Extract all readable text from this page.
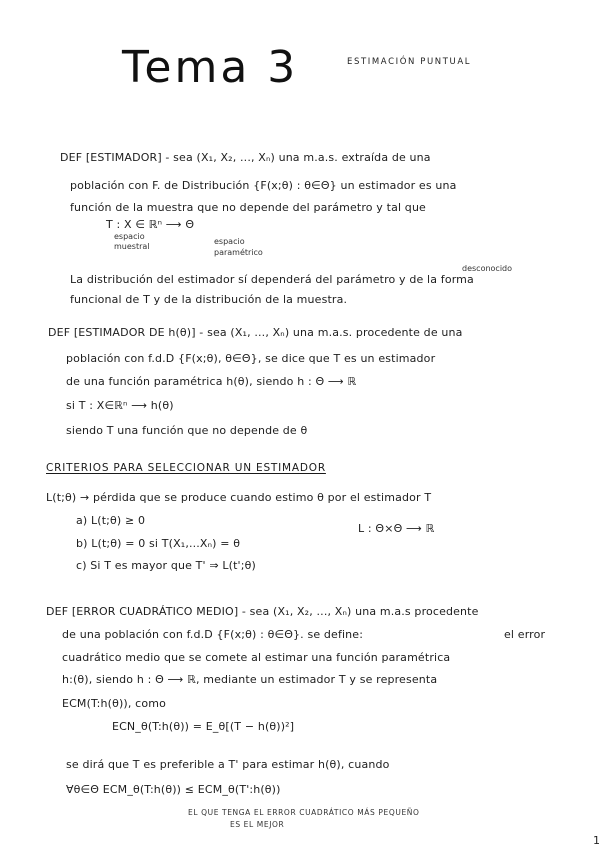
Tema 3	ESTIMACIÓN PUNTUAL
DEF [ESTIMADOR] - sea (X₁, X₂, ..., Xₙ) una m.a.s. extraída de una
población con F. de Distribución {F(x;θ) : θ∈Θ} un estimador es una
función de la muestra que no depende del parámetro y tal que
T : X ∈ ℝⁿ ⟶ Θ
espacio
muestral
espacio
paramétrico
desconocido
La distribución del estimador sí dependerá del parámetro y de la forma
funcional de T y de la distribución de la muestra.
DEF [ESTIMADOR DE h(θ)] - sea (X₁, ..., Xₙ) una m.a.s. procedente de una
población con f.d.D {F(x;θ), θ∈Θ}, se dice que T es un estimador
de una función paramétrica h(θ), siendo h : Θ ⟶ ℝ
si T : X∈ℝⁿ ⟶ h(θ)
siendo T una función que no depende de θ
CRITERIOS PARA SELECCIONAR UN ESTIMADOR
L(t;θ) → pérdida que se produce cuando estimo θ por el estimador T
a) L(t;θ) ≥ 0
b) L(t;θ) = 0 si T(X₁,...Xₙ) = θ
c) Si T es mayor que T' ⇒ L(t';θ)
L : Θ×Θ ⟶ ℝ
DEF [ERROR CUADRÁTICO MEDIO] - sea (X₁, X₂, ..., Xₙ) una m.a.s procedente
de una población con f.d.D {F(x;θ) : θ∈Θ}. se define:	el error
cuadrático medio que se comete al estimar una función paramétrica
h:(θ), siendo h : Θ ⟶ ℝ, mediante un estimador T y se representa
ECM(T:h(θ)), como
ECN_θ(T:h(θ)) = E_θ[(T − h(θ))²]
se dirá que T es preferible a T' para estimar h(θ), cuando
∀θ∈Θ ECM_θ(T:h(θ)) ≤ ECM_θ(T':h(θ))
EL QUE TENGA EL ERROR CUADRÁTICO MÁS PEQUEÑO
ES EL MEJOR
1
